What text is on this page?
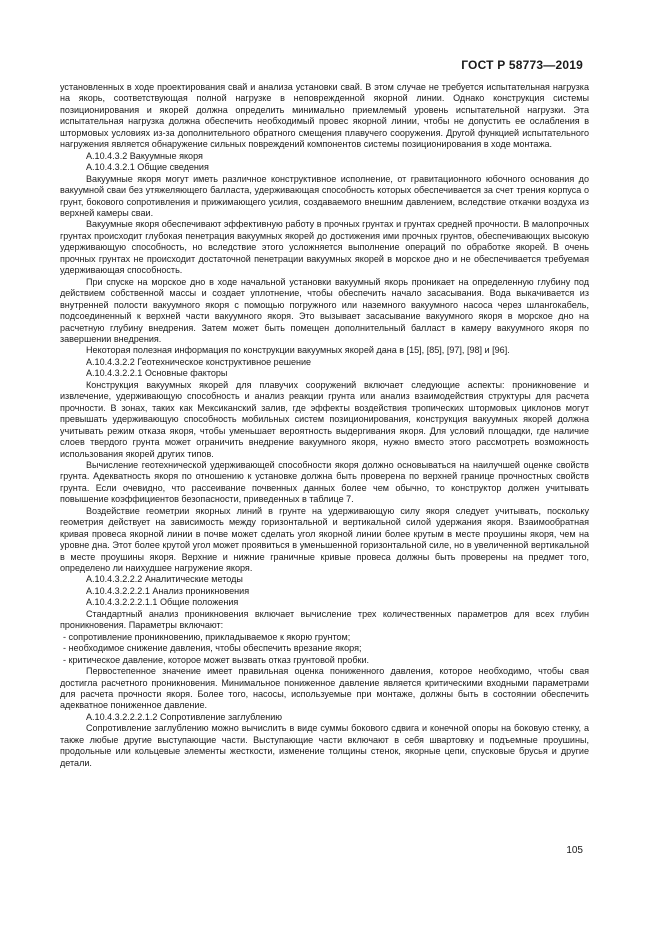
ГОСТ Р 58773—2019

установленных в ходе проектирования свай и анализа установки свай. В этом случае не требуется испытательная нагрузка на якорь, соответствующая полной нагрузке в неповрежденной якорной линии. Однако конструкция системы позиционирования и якорей должна определить минимально приемлемый уровень испытательной нагрузки. Эта испытательная нагрузка должна обеспечить необходимый провес якорной линии, чтобы не допустить ее ослабления в штормовых условиях из-за дополнительного обратного смещения плавучего сооружения. Другой функцией испытательного нагружения является обнаружение сильных повреждений компонентов системы позиционирования в ходе монтажа.

А.10.4.3.2 Вакуумные якоря

А.10.4.3.2.1 Общие сведения

Вакуумные якоря могут иметь различное конструктивное исполнение, от гравитационного юбочного основания до вакуумной сваи без утяжеляющего балласта, удерживающая способность которых обеспечивается за счет трения корпуса о грунт, бокового сопротивления и прижимающего усилия, создаваемого внешним давлением, вследствие откачки воздуха из верхней камеры сваи.

Вакуумные якоря обеспечивают эффективную работу в прочных грунтах и грунтах средней прочности. В малопрочных грунтах происходит глубокая пенетрация вакуумных якорей до достижения ими прочных грунтов, обеспечивающих высокую удерживающую способность, но вследствие этого усложняется выполнение операций по обработке якорей. В очень прочных грунтах не происходит достаточной пенетрации вакуумных якорей в морское дно и не обеспечивается требуемая удерживающая способность.

При спуске на морское дно в ходе начальной установки вакуумный якорь проникает на определенную глубину под действием собственной массы и создает уплотнение, чтобы обеспечить начало засасывания. Вода выкачивается из внутренней полости вакуумного якоря с помощью погружного или наземного вакуумного насоса через шлангокабель, подсоединенный к верхней части вакуумного якоря. Это вызывает засасывание вакуумного якоря в морское дно на расчетную глубину внедрения. Затем может быть помещен дополнительный балласт в камеру вакуумного якоря по завершении внедрения.

Некоторая полезная информация по конструкции вакуумных якорей дана в [15], [85], [97], [98] и [96].

А.10.4.3.2.2 Геотехническое конструктивное решение

А.10.4.3.2.2.1 Основные факторы

Конструкция вакуумных якорей для плавучих сооружений включает следующие аспекты: проникновение и извлечение, удерживающую способность и анализ реакции грунта или анализ взаимодействия структуры для расчета прочности. В зонах, таких как Мексиканский залив, где эффекты воздействия тропических штормовых циклонов могут превышать удерживающую способность мобильных систем позиционирования, конструкция вакуумных якорей должна учитывать режим отказа якоря, чтобы уменьшает вероятность выдергивания якоря. Для условий площадки, где наличие слоев твердого грунта может ограничить внедрение вакуумного якоря, нужно вместо этого рассмотреть возможность использования якорей других типов.

Вычисление геотехнической удерживающей способности якоря должно основываться на наилучшей оценке свойств грунта. Адекватность якоря по отношению к установке должна быть проверена по верхней границе прочностных свойств грунта. Если очевидно, что рассеивание почвенных данных более чем обычно, то конструктор должен учитывать повышение коэффициентов безопасности, приведенных в таблице 7.

Воздействие геометрии якорных линий в грунте на удерживающую силу якоря следует учитывать, поскольку геометрия действует на зависимость между горизонтальной и вертикальной силой удержания якоря. Взаимообратная кривая провеса якорной линии в почве может сделать угол якорной линии более крутым в месте проушины якоря, чем на уровне дна. Этот более крутой угол может проявиться в уменьшенной горизонтальной силе, но в увеличенной вертикальной в месте проушины якоря. Верхние и нижние граничные кривые провеса должны быть проверены на предмет того, определено ли наихудшее нагружение якоря.

А.10.4.3.2.2.2 Аналитические методы

А.10.4.3.2.2.2.1 Анализ проникновения

А.10.4.3.2.2.2.1.1 Общие положения

Стандартный анализ проникновения включает вычисление трех количественных параметров для всех глубин проникновения. Параметры включают:

- сопротивление проникновению, прикладываемое к якорю грунтом;

- необходимое снижение давления, чтобы обеспечить врезание якоря;

- критическое давление, которое может вызвать отказ грунтовой пробки.

Первостепенное значение имеет правильная оценка пониженного давления, которое необходимо, чтобы свая достигла расчетного проникновения. Минимальное пониженное давление является критическими входными параметрами для расчета прочности якоря. Более того, насосы, используемые при монтаже, должны быть в состоянии обеспечить адекватное пониженное давление.

А.10.4.3.2.2.2.1.2 Сопротивление заглублению

Сопротивление заглублению можно вычислить в виде суммы бокового сдвига и конечной опоры на боковую стенку, а также любые другие выступающие части. Выступающие части включают в себя швартовку и подъемные проушины, продольные или кольцевые элементы жесткости, изменение толщины стенок, якорные цепи, спусковые брусья и другие детали.

105
